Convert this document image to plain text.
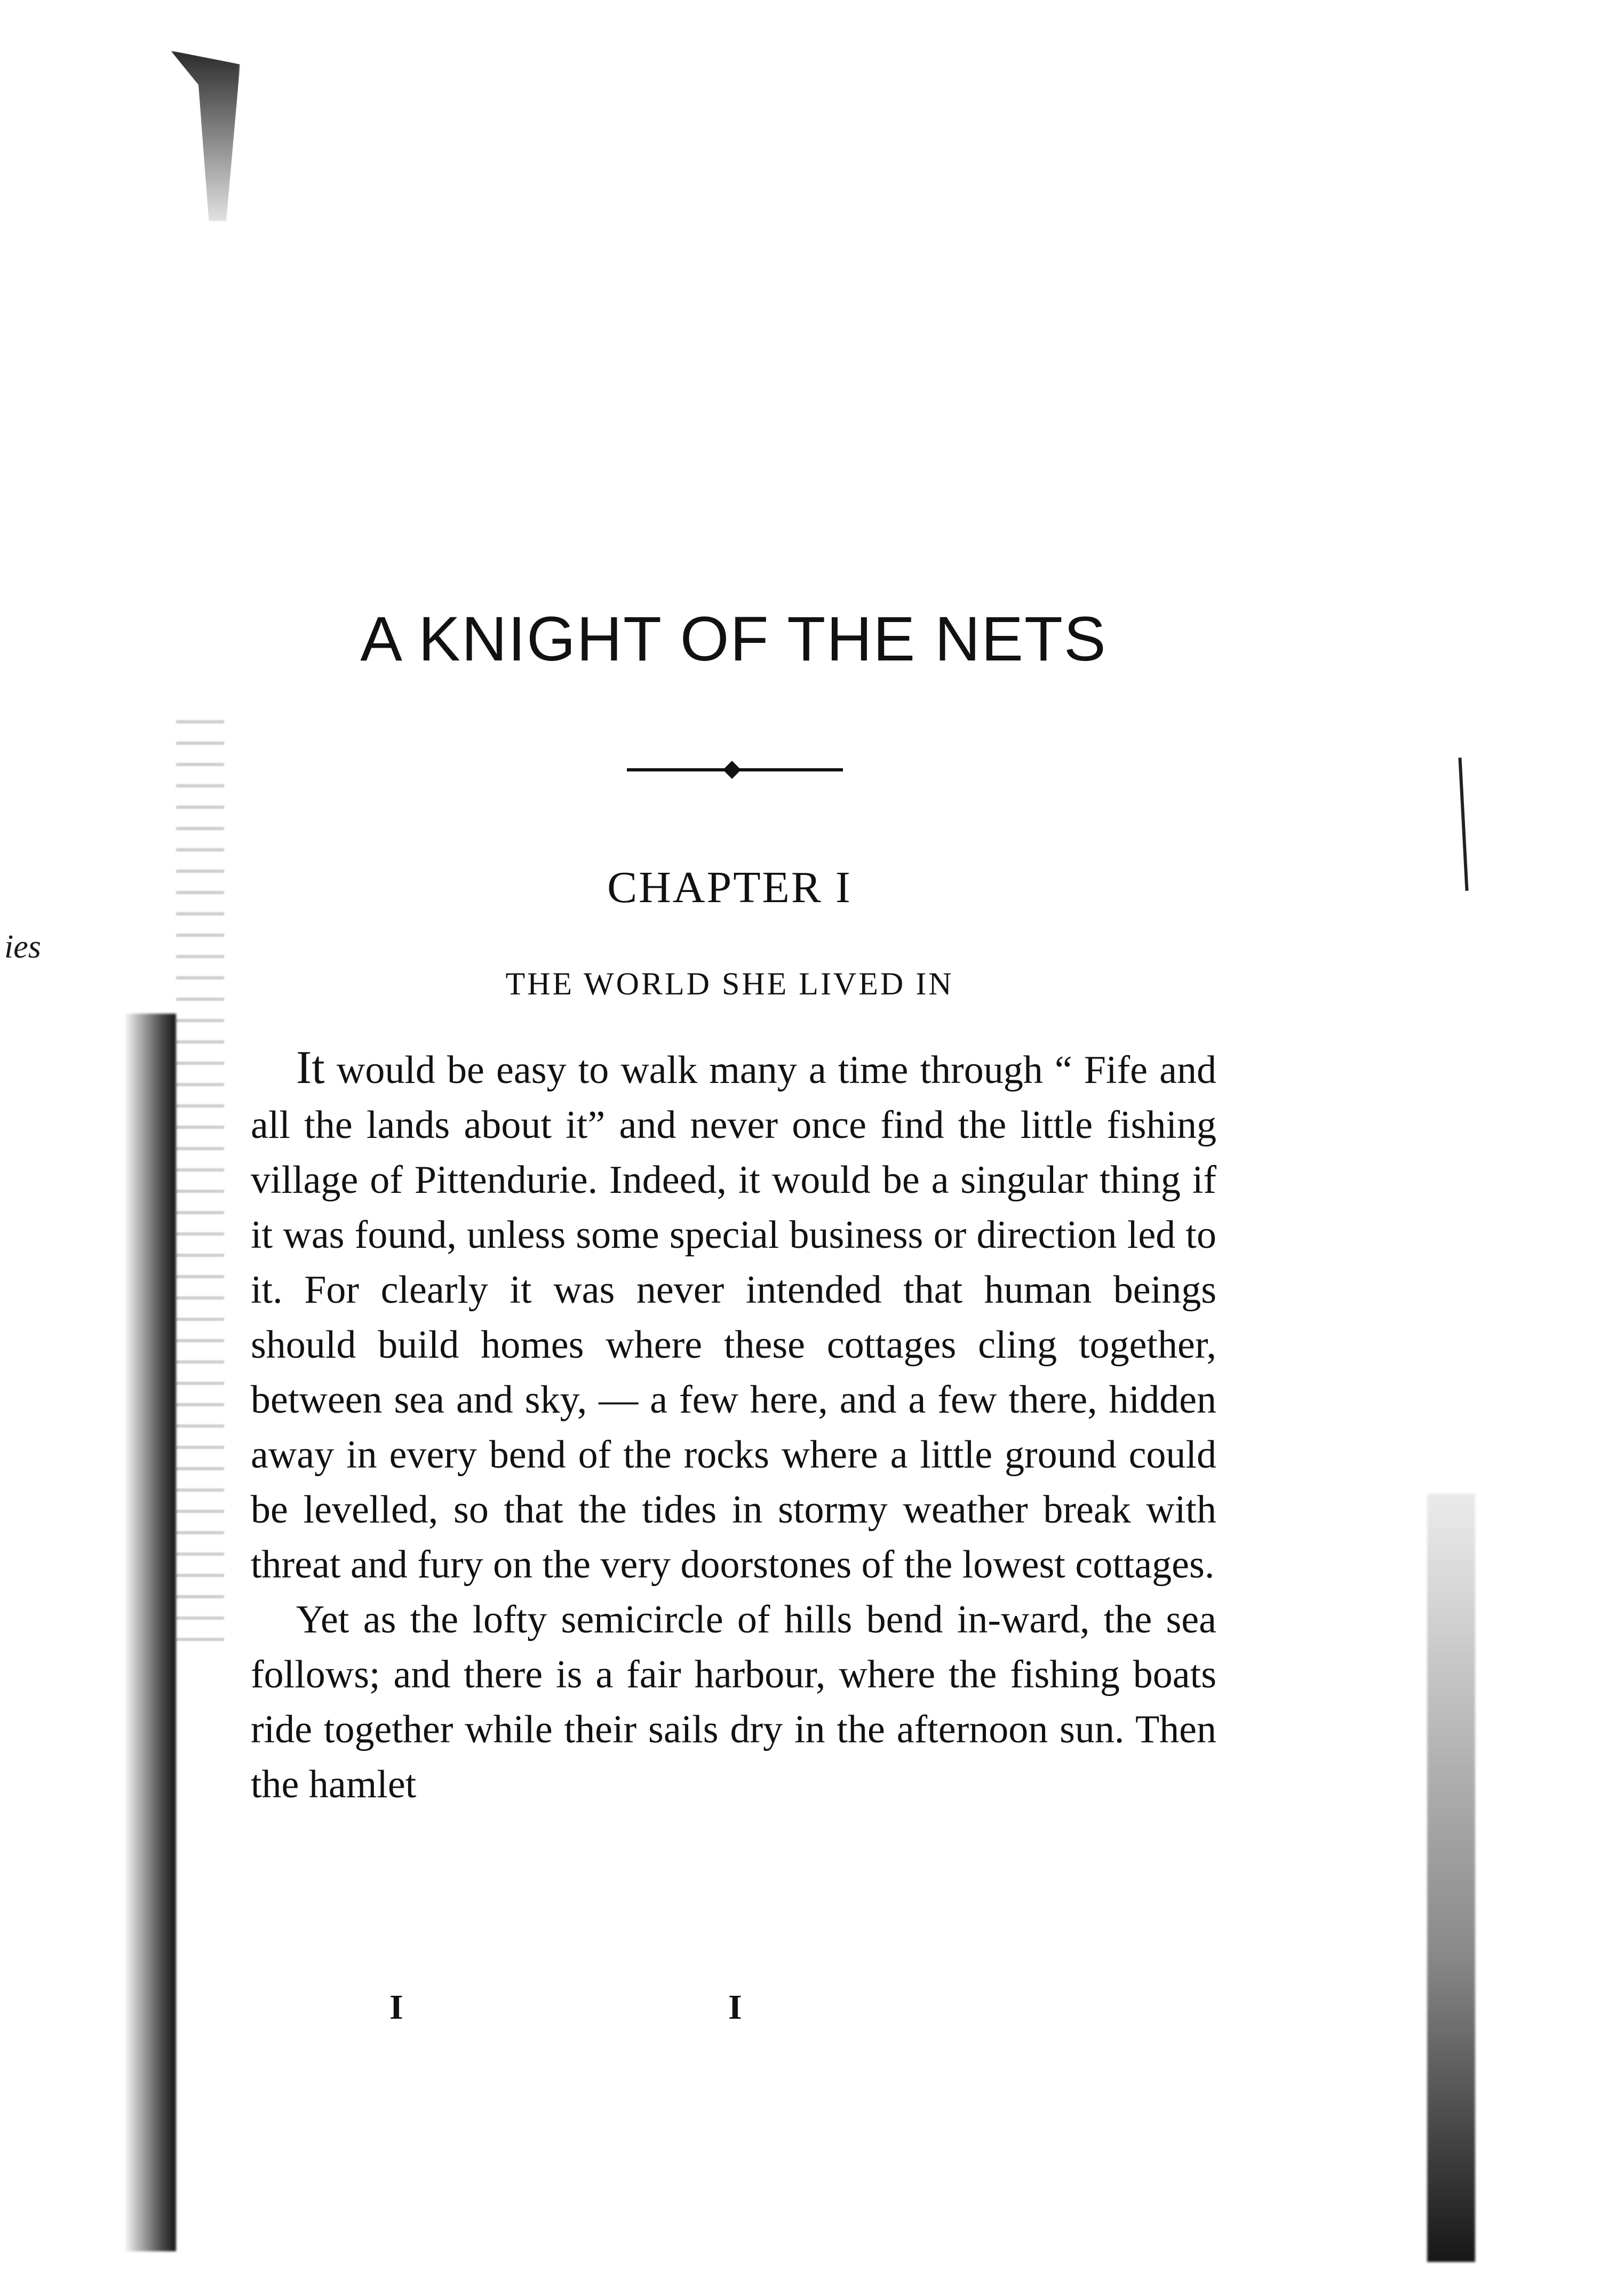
ies
A KNIGHT OF THE NETS
CHAPTER I
THE WORLD SHE LIVED IN

It would be easy to walk many a time through “ Fife and all the lands about it” and never once find the little fishing village of Pittendurie. Indeed, it would be a singular thing if it was found, unless some special business or direction led to it. For clearly it was never intended that human beings should build homes where these cottages cling together, between sea and sky, — a few here, and a few there, hidden away in every bend of the rocks where a little ground could be levelled, so that the tides in stormy weather break with threat and fury on the very doorstones of the lowest cottages.

Yet as the lofty semicircle of hills bend in-ward, the sea follows; and there is a fair harbour, where the fishing boats ride together while their sails dry in the afternoon sun. Then the hamlet

I	I
